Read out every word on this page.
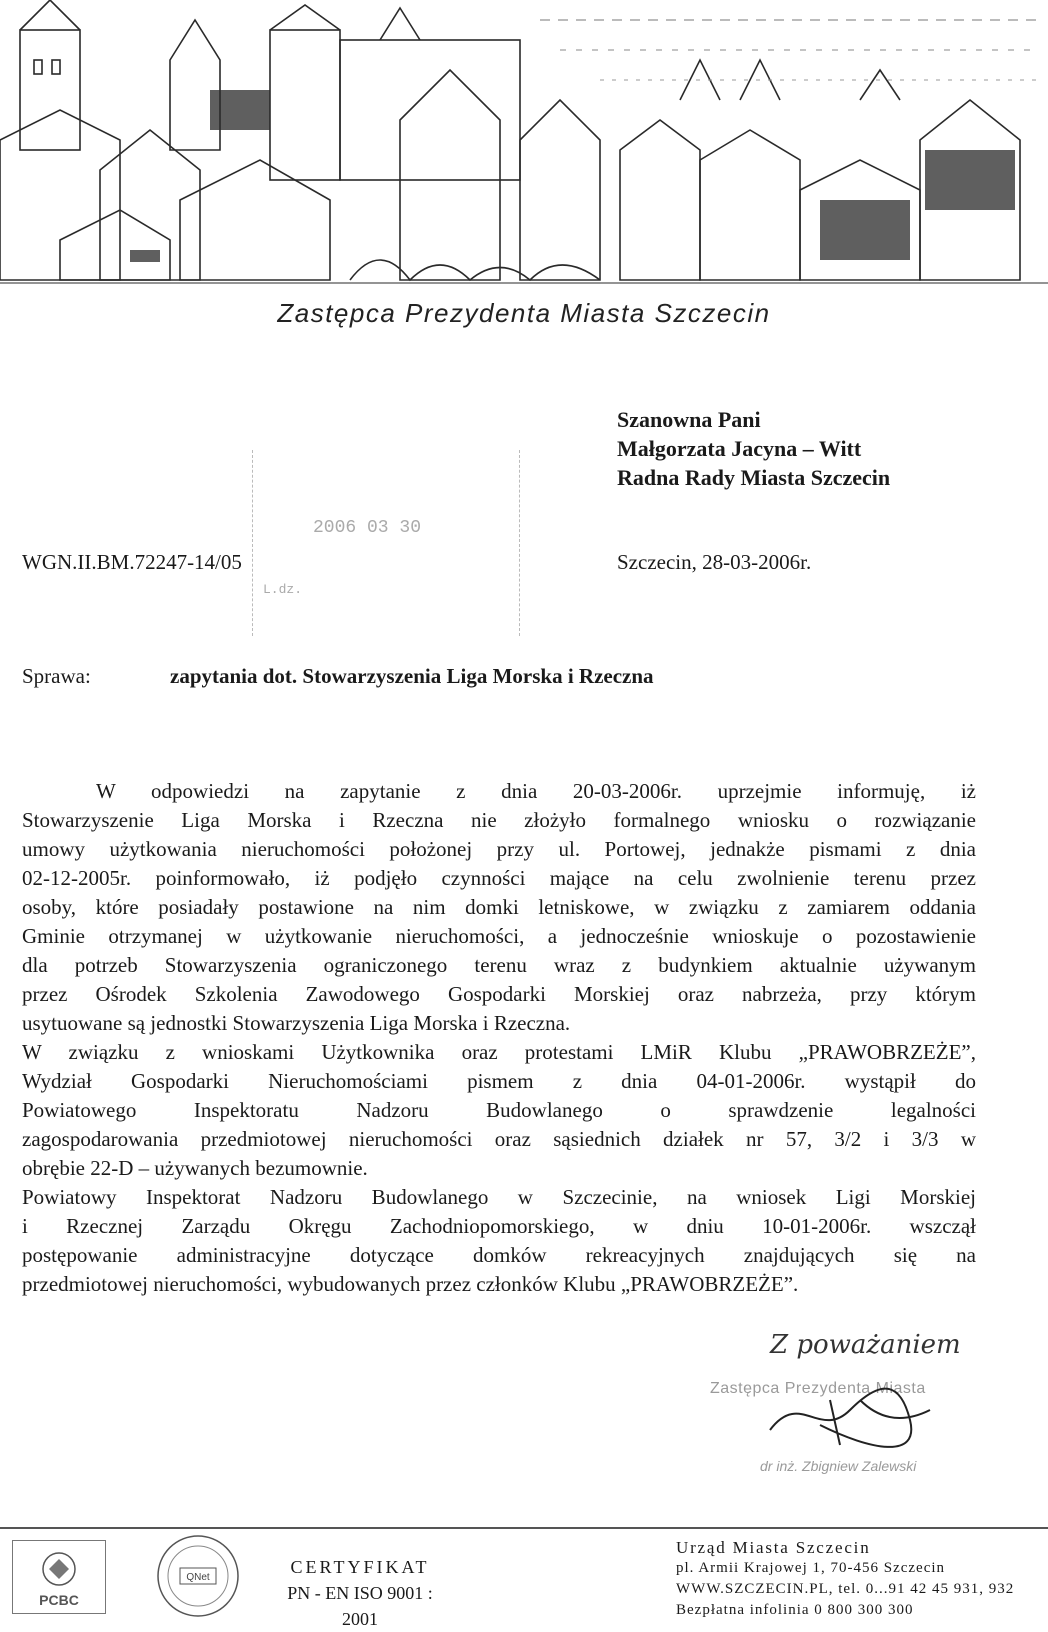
Zastępca Prezydenta Miasta Szczecin
Szanowna Pani
Małgorzata Jacyna – Witt
Radna Rady Miasta Szczecin
2006 03 30
L.dz.
WGN.II.BM.72247-14/05	Szczecin, 28-03-2006r.
Sprawa:	zapytania dot. Stowarzyszenia Liga Morska i Rzeczna

W odpowiedzi na zapytanie z dnia 20-03-2006r. uprzejmie informuję, iż

Stowarzyszenie Liga Morska i Rzeczna nie złożyło formalnego wniosku o rozwiązanie

umowy użytkowania nieruchomości położonej przy ul. Portowej, jednakże pismami z dnia

02-12-2005r. poinformowało, iż podjęło czynności mające na celu zwolnienie terenu przez

osoby, które posiadały postawione na nim domki letniskowe, w związku z zamiarem oddania

Gminie otrzymanej w użytkowanie nieruchomości, a jednocześnie wnioskuje o pozostawienie

dla potrzeb Stowarzyszenia ograniczonego terenu wraz z budynkiem aktualnie używanym

przez Ośrodek Szkolenia Zawodowego Gospodarki Morskiej oraz nabrzeża, przy którym

usytuowane są jednostki Stowarzyszenia Liga Morska i Rzeczna.

W związku z wnioskami Użytkownika oraz protestami LMiR Klubu „PRAWOBRZEŻE”,

Wydział Gospodarki Nieruchomościami pismem z dnia 04-01-2006r. wystąpił do

Powiatowego Inspektoratu Nadzoru Budowlanego o sprawdzenie legalności

zagospodarowania przedmiotowej nieruchomości oraz sąsiednich działek nr 57, 3/2 i 3/3 w

obrębie 22-D – używanych bezumownie.

Powiatowy Inspektorat Nadzoru Budowlanego w Szczecinie, na wniosek Ligi Morskiej

i Rzecznej Zarządu Okręgu Zachodniopomorskiego, w dniu 10-01-2006r. wszczął

postępowanie administracyjne dotyczące domków rekreacyjnych znajdujących się na

przedmiotowej nieruchomości, wybudowanych przez członków Klubu „PRAWOBRZEŻE”.

Z poważaniem
Zastępca Prezydenta Miasta
dr inż. Zbigniew Zalewski
PCBC
QNet
CERTYFIKAT
PN - EN ISO 9001 : 2001
Urząd Miasta Szczecin
pl. Armii Krajowej 1, 70-456 Szczecin
WWW.SZCZECIN.PL, tel. 0...91 42 45 931, 932
Bezpłatna infolinia 0 800 300 300
